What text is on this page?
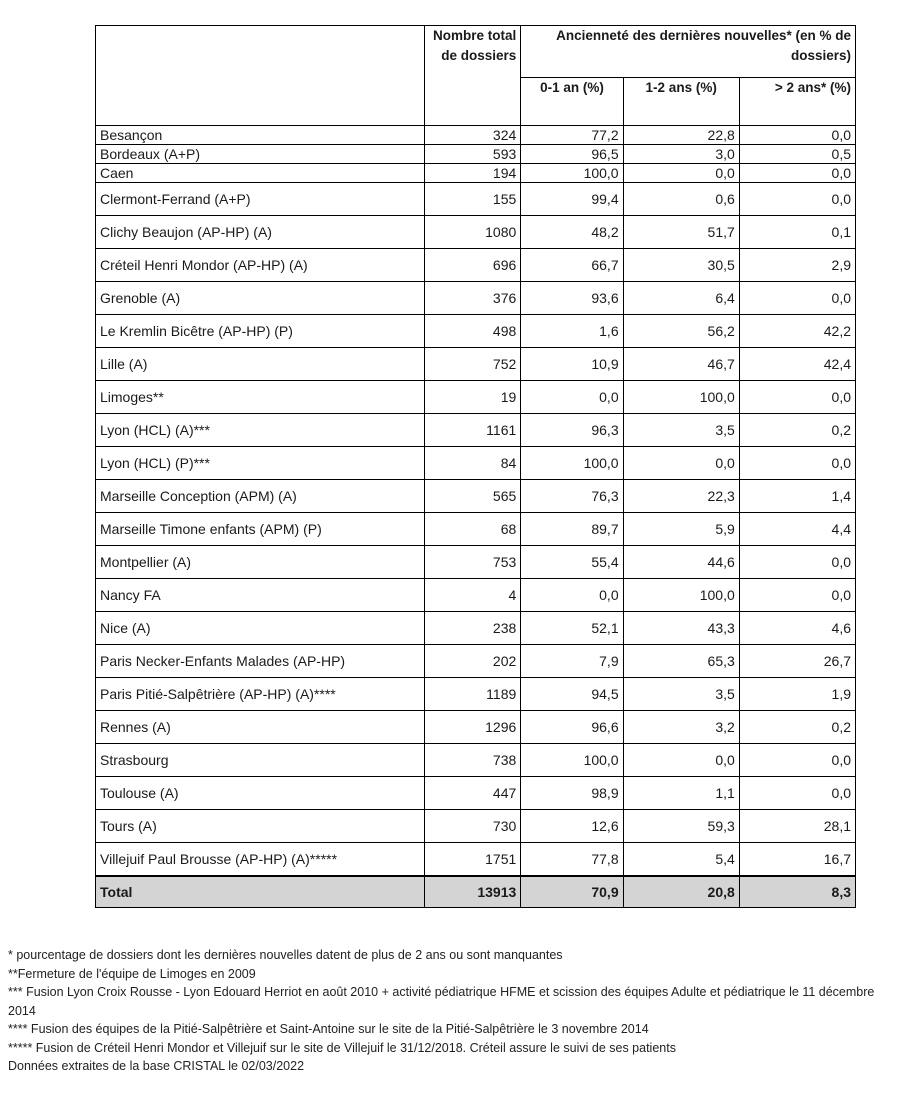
	Nombre total de dossiers	Ancienneté des dernières nouvelles* (en % de dossiers)		
		0-1 an (%)	1-2 ans (%)	> 2 ans* (%)
Besançon	324	77,2	22,8	0,0
Bordeaux (A+P)	593	96,5	3,0	0,5
Caen	194	100,0	0,0	0,0
Clermont-Ferrand (A+P)	155	99,4	0,6	0,0
Clichy Beaujon (AP-HP) (A)	1080	48,2	51,7	0,1
Créteil Henri Mondor (AP-HP) (A)	696	66,7	30,5	2,9
Grenoble (A)	376	93,6	6,4	0,0
Le Kremlin Bicêtre (AP-HP) (P)	498	1,6	56,2	42,2
Lille (A)	752	10,9	46,7	42,4
Limoges**	19	0,0	100,0	0,0
Lyon (HCL) (A)***	1161	96,3	3,5	0,2
Lyon (HCL) (P)***	84	100,0	0,0	0,0
Marseille Conception (APM) (A)	565	76,3	22,3	1,4
Marseille Timone enfants (APM) (P)	68	89,7	5,9	4,4
Montpellier (A)	753	55,4	44,6	0,0
Nancy FA	4	0,0	100,0	0,0
Nice (A)	238	52,1	43,3	4,6
Paris Necker-Enfants Malades (AP-HP)	202	7,9	65,3	26,7
Paris Pitié-Salpêtrière (AP-HP) (A)****	1189	94,5	3,5	1,9
Rennes (A)	1296	96,6	3,2	0,2
Strasbourg	738	100,0	0,0	0,0
Toulouse (A)	447	98,9	1,1	0,0
Tours (A)	730	12,6	59,3	28,1
Villejuif Paul Brousse (AP-HP) (A)*****	1751	77,8	5,4	16,7
Total	13913	70,9	20,8	8,3
* pourcentage de dossiers dont les dernières nouvelles datent de plus de 2 ans ou sont manquantes
**Fermeture de l'équipe de Limoges en 2009
*** Fusion Lyon Croix Rousse - Lyon Edouard Herriot en août 2010 + activité pédiatrique HFME et scission des équipes Adulte et pédiatrique le 11 décembre 2014
**** Fusion des équipes de la Pitié-Salpêtrière et Saint-Antoine sur le site de la Pitié-Salpêtrière le 3 novembre 2014
***** Fusion de Créteil Henri Mondor et Villejuif sur le site de Villejuif le 31/12/2018. Créteil assure le suivi de ses patients
Données extraites de la base CRISTAL le 02/03/2022
